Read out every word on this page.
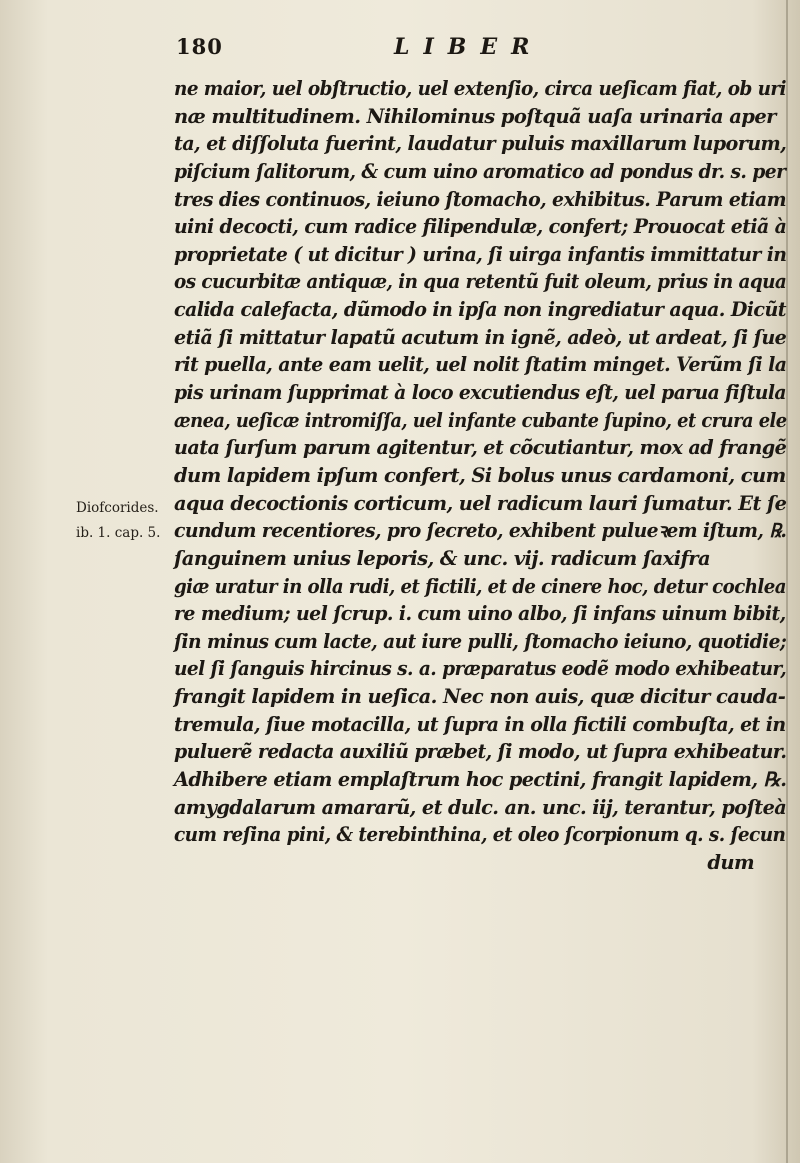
180	LIBER
Diofcorides.
ib. 1. cap. 5.
ne maior, uel obſtructio, uel extenſio, circa ueſicam fiat, ob uri
næ multitudinem. Nihilominus poſtquã uaſa urinaria aper
ta, et diſſoluta fuerint, laudatur puluis maxillarum luporum,
piſcium ſalitorum, & cum uino aromatico ad pondus dr. s. per
tres dies continuos, ieiuno ſtomacho, exhibitus. Parum etiam
uini decocti, cum radice filipendulæ, confert; Prouocat etiã à
proprietate ( ut dicitur ) urina, ſi uirga infantis immittatur in
os cucurbitæ antiquæ, in qua retentũ fuit oleum, prius in aqua
calida calefacta, dũmodo in ipſa non ingrediatur aqua. Dicũt
etiã ſi mittatur lapatũ acutum in ignẽ, adeò, ut ardeat, ſi ſue
rit puella, ante eam uelit, uel nolit ſtatim minget. Verũm ſi la
pis urinam ſupprimat à loco excutiendus eſt, uel parua fiſtula
ænea, ueſicæ intromiſſa, uel infante cubante ſupino, et crura ele
uata ſurſum parum agitentur, et cõcutiantur, mox ad frangẽ
dum lapidem ipſum confert, Si bolus unus cardamoni, cum
aqua decoctionis corticum, uel radicum lauri ſumatur. Et ſe
cundum recentiores, pro ſecreto, exhibent pulueꝛem iſtum, ℞.
ſanguinem unius leporis, & unc. vij. radicum ſaxifra
giæ uratur in olla rudi, et fictili, et de cinere hoc, detur cochlea
re medium; uel ſcrup. i. cum uino albo, ſi infans uinum bibit,
ſin minus cum lacte, aut iure pulli, ſtomacho ieiuno, quotidie;
uel ſi ſanguis hircinus s. a. præparatus eodẽ modo exhibeatur,
frangit lapidem in ueſica. Nec non auis, quæ dicitur cauda-
tremula, ſiue motacilla, ut ſupra in olla fictili combuſta, et in
puluerẽ redacta auxiliũ præbet, ſi modo, ut ſupra exhibeatur.
Adhibere etiam emplaſtrum hoc pectini, frangit lapidem, ℞.
amygdalarum amararũ, et dulc. an. unc. iij, terantur, poſteà
cum reſina pini, & terebinthina, et oleo ſcorpionum q. s. ſecun
dum
